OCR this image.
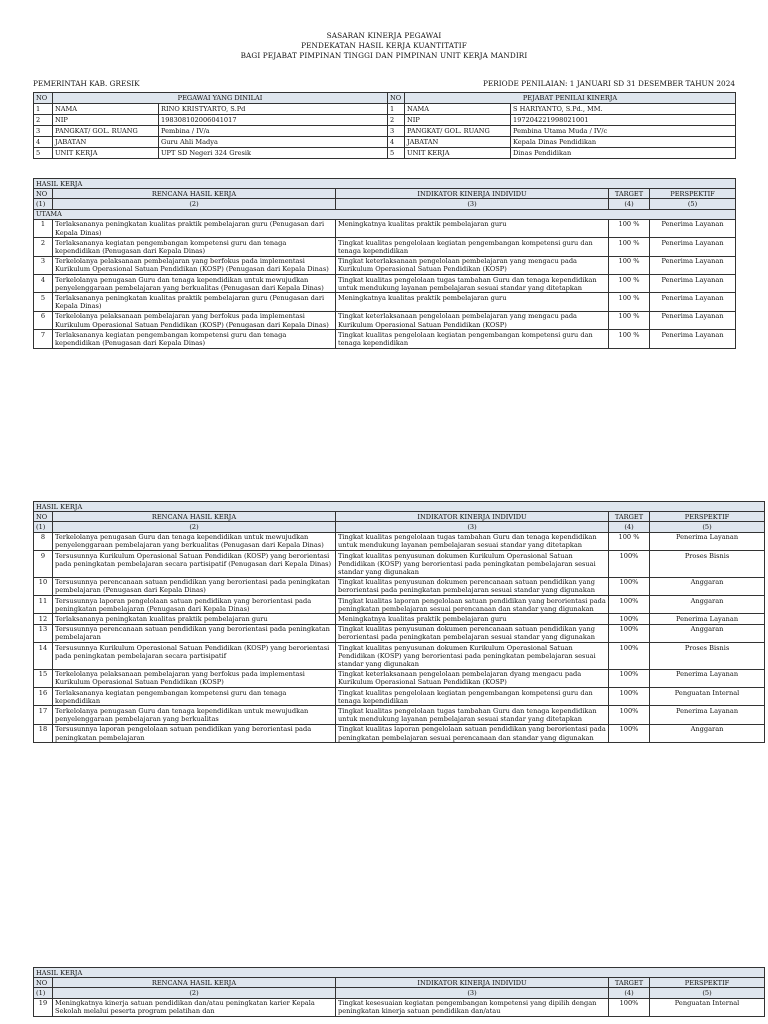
SASARAN KINERJA PEGAWAI
PENDEKATAN HASIL KERJA KUANTITATIF
BAGI PEJABAT PIMPINAN TINGGI DAN PIMPINAN UNIT KERJA MANDIRI
PEMERINTAH KAB. GRESIK	PERIODE PENILAIAN: 1 JANUARI SD 31 DESEMBER TAHUN 2024
NO	PEGAWAI YANG DINILAI		NO	PEJABAT PENILAI KINERJA	
1	NAMA	RINO KRISTYARTO, S.Pd	1	NAMA	S HARIYANTO, S.Pd., MM.
2	NIP	198308102006041017	2	NIP	197204221998021001
3	PANGKAT/ GOL. RUANG	Pembina / IV/a	3	PANGKAT/ GOL. RUANG	Pembina Utama Muda / IV/c
4	JABATAN	Guru Ahli Madya	4	JABATAN	Kepala Dinas Pendidikan
5	UNIT KERJA	UPT SD Negeri 324 Gresik	5	UNIT KERJA	Dinas Pendidikan
HASIL KERJA				
NO	RENCANA HASIL KERJA	INDIKATOR KINERJA INDIVIDU	TARGET	PERSPEKTIF
(1)	(2)	(3)	(4)	(5)
UTAMA				
1	Terlaksananya peningkatan kualitas praktik pembelajaran guru (Penugasan dari Kepala Dinas)	Meningkatnya kualitas praktik pembelajaran guru	100 %	Penerima Layanan
2	Terlaksananya kegiatan pengembangan kompetensi guru dan tenaga kependidikan (Penugasan dari Kepala Dinas)	Tingkat kualitas pengelolaan kegiatan pengembangan kompetensi guru dan tenaga kependidikan	100 %	Penerima Layanan
3	Terkelolanya pelaksanaan pembelajaran yang berfokus pada implementasi Kurikulum Operasional Satuan Pendidikan (KOSP) (Penugasan dari Kepala Dinas)	Tingkat keterlaksanaan pengelolaan pembelajaran yang mengacu pada Kurikulum Operasional Satuan Pendidikan (KOSP)	100 %	Penerima Layanan
4	Terkelolanya penugasan Guru dan tenaga kependidikan untuk mewujudkan penyelenggaraan pembelajaran yang berkualitas (Penugasan dari Kepala Dinas)	Tingkat kualitas pengelolaan tugas tambahan Guru dan tenaga kependidikan untuk mendukung layanan pembelajaran sesuai standar yang ditetapkan	100 %	Penerima Layanan
5	Terlaksananya peningkatan kualitas praktik pembelajaran guru (Penugasan dari Kepala Dinas)	Meningkatnya kualitas praktik pembelajaran guru	100 %	Penerima Layanan
6	Terkelolanya pelaksanaan pembelajaran yang berfokus pada implementasi Kurikulum Operasional Satuan Pendidikan (KOSP) (Penugasan dari Kepala Dinas)	Tingkat keterlaksanaan pengelolaan pembelajaran yang mengacu pada Kurikulum Operasional Satuan Pendidikan (KOSP)	100 %	Penerima Layanan
7	Terlaksananya kegiatan pengembangan kompetensi guru dan tenaga kependidikan (Penugasan dari Kepala Dinas)	Tingkat kualitas pengelolaan kegiatan pengembangan kompetensi guru dan tenaga kependidikan	100 %	Penerima Layanan
HASIL KERJA				
NO	RENCANA HASIL KERJA	INDIKATOR KINERJA INDIVIDU	TARGET	PERSPEKTIF
(1)	(2)	(3)	(4)	(5)
8	Terkelolanya penugasan Guru dan tenaga kependidikan untuk mewujudkan penyelenggaraan pembelajaran yang berkualitas (Penugasan dari Kepala Dinas)	Tingkat kualitas pengelolaan tugas tambahan Guru dan tenaga kependidikan untuk mendukung layanan pembelajaran sesuai standar yang ditetapkan	100 %	Penerima Layanan
9	Tersusunnya Kurikulum Operasional Satuan Pendidikan (KOSP) yang berorientasi pada peningkatan pembelajaran secara partisipatif (Penugasan dari Kepala Dinas)	Tingkat kualitas penyusunan dokumen Kurikulum Operasional Satuan Pendidikan (KOSP) yang berorientasi pada peningkatan pembelajaran sesuai standar yang digunakan	100%	Proses Bisnis
10	Tersusunnya perencanaan satuan pendidikan yang berorientasi pada peningkatan pembelajaran (Penugasan dari Kepala Dinas)	Tingkat kualitas penyusunan dokumen perencanaan satuan pendidikan yang berorientasi pada peningkatan pembelajaran sesuai standar yang digunakan	100%	Anggaran
11	Tersusunnya laporan pengelolaan satuan pendidikan yang berorientasi pada peningkatan pembelajaran (Penugasan dari Kepala Dinas)	Tingkat kualitas laporan pengelolaan satuan pendidikan yang berorientasi pada peningkatan pembelajaran sesuai perencanaan dan standar yang digunakan	100%	Anggaran
12	Terlaksananya peningkatan kualitas praktik pembelajaran guru	Meningkatnya kualitas praktik pembelajaran guru	100%	Penerima Layanan
13	Tersusunnya perencanaan satuan pendidikan yang berorientasi pada peningkatan pembelajaran	Tingkat kualitas penyusunan dokumen perencanaan satuan pendidikan yang berorientasi pada peningkatan pembelajaran sesuai standar yang digunakan	100%	Anggaran
14	Tersusunnya Kurikulum Operasional Satuan Pendidikan (KOSP) yang berorientasi pada peningkatan pembelajaran secara partisipatif	Tingkat kualitas penyusunan dokumen Kurikulum Operasional Satuan Pendidikan (KOSP) yang berorientasi pada peningkatan pembelajaran sesuai standar yang digunakan	100%	Proses Bisnis
15	Terkelolanya pelaksanaan pembelajaran yang berfokus pada implementasi Kurikulum Operasional Satuan Pendidikan (KOSP)	Tingkat keterlaksanaan pengelolaan pembelajaran dyang mengacu pada Kurikulum Operasional Satuan Pendidikan (KOSP)	100%	Penerima Layanan
16	Terlaksananya kegiatan pengembangan kompetensi guru dan tenaga kependidikan	Tingkat kualitas pengelolaan kegiatan pengembangan kompetensi guru dan tenaga kependidikan	100%	Penguatan Internal
17	Terkelolanya penugasan Guru dan tenaga kependidikan untuk mewujudkan penyelenggaraan pembelajaran yang berkualitas	Tingkat kualitas pengelolaan tugas tambahan Guru dan tenaga kependidikan untuk mendukung layanan pembelajaran sesuai standar yang ditetapkan	100%	Penerima Layanan
18	Tersusunnya laporan pengelolaan satuan pendidikan yang berorientasi pada peningkatan pembelajaran	Tingkat kualitas laporan pengelolaan satuan pendidikan yang berorientasi pada peningkatan pembelajaran sesuai perencanaan dan standar yang digunakan	100%	Anggaran
HASIL KERJA				
NO	RENCANA HASIL KERJA	INDIKATOR KINERJA INDIVIDU	TARGET	PERSPEKTIF
(1)	(2)	(3)	(4)	(5)
19	Meningkatnya kinerja satuan pendidikan dan/atau peningkatan karier Kepala Sekolah melalui peserta program pelatihan dan	Tingkat kesesuaian kegiatan pengembangan kompetensi yang dipilih dengan peningkatan kinerja satuan pendidikan dan/atau	100%	Penguatan Internal
